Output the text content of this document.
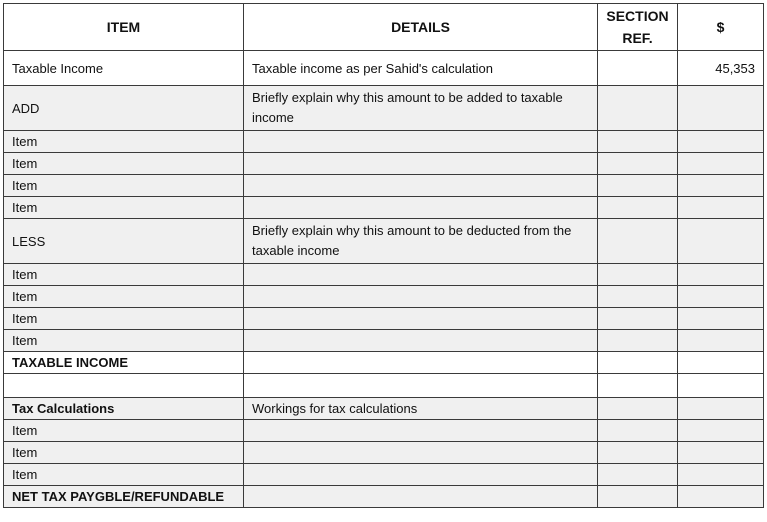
ITEM	DETAILS	SECTION REF.	$
Taxable Income	Taxable income as per Sahid's calculation		45,353
ADD	Briefly explain why this amount to be added to taxable income		
Item			
Item			
Item			
Item			
LESS	Briefly explain why this amount to be deducted from the taxable income		
Item			
Item			
Item			
Item			
TAXABLE INCOME			

Tax Calculations	Workings for tax calculations		
Item			
Item			
Item			
NET TAX PAYGBLE/REFUNDABLE			
